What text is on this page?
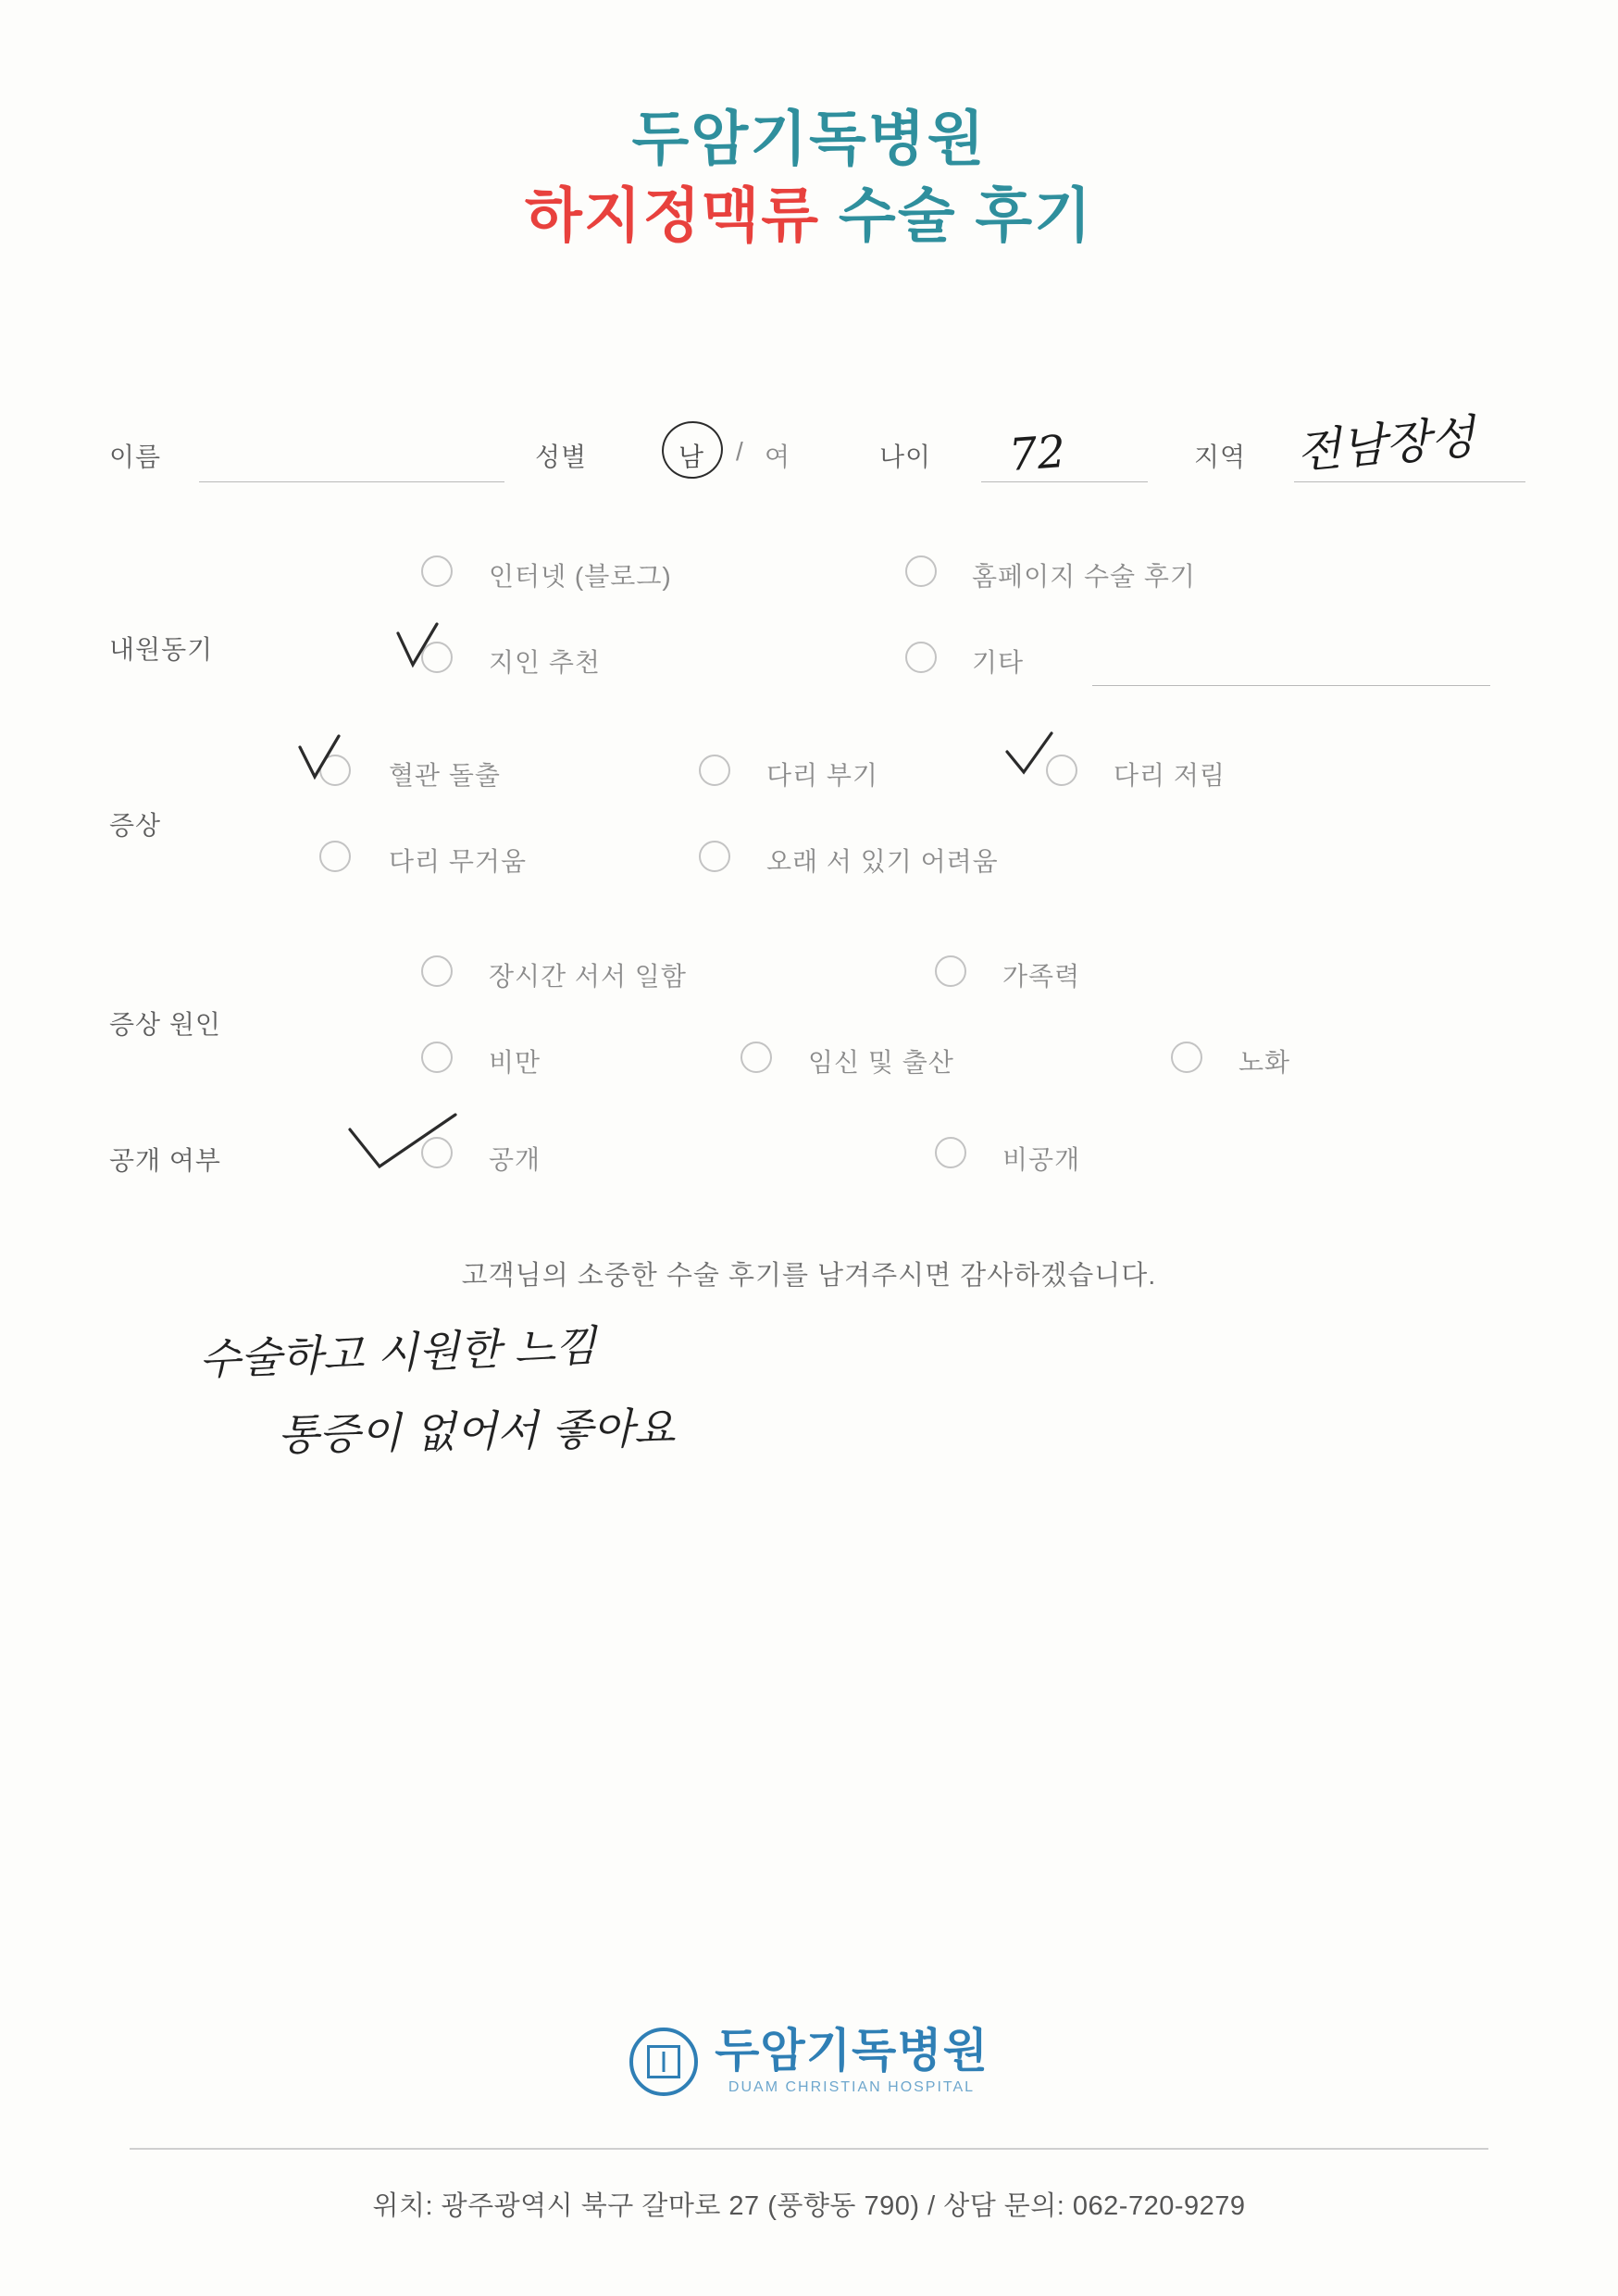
두암기독병원
하지정맥류 수술 후기
이름	성별	남 / 여	나이 72	지역 전남장성
내원동기
인터넷 (블로그)	홈페이지 수술 후기
지인 추천	기타
증상
혈관 돌출	다리 부기	다리 저림
다리 무거움	오래 서 있기 어려움
증상 원인
장시간 서서 일함	가족력
비만	임신 및 출산	노화
공개 여부	공개	비공개
고객님의 소중한 수술 후기를 남겨주시면 감사하겠습니다.
수술하고 시원한 느낌
통증이 없어서 좋아요
두암기독병원
DUAM CHRISTIAN HOSPITAL
위치: 광주광역시 북구 갈마로 27 (풍향동 790) / 상담 문의: 062-720-9279
